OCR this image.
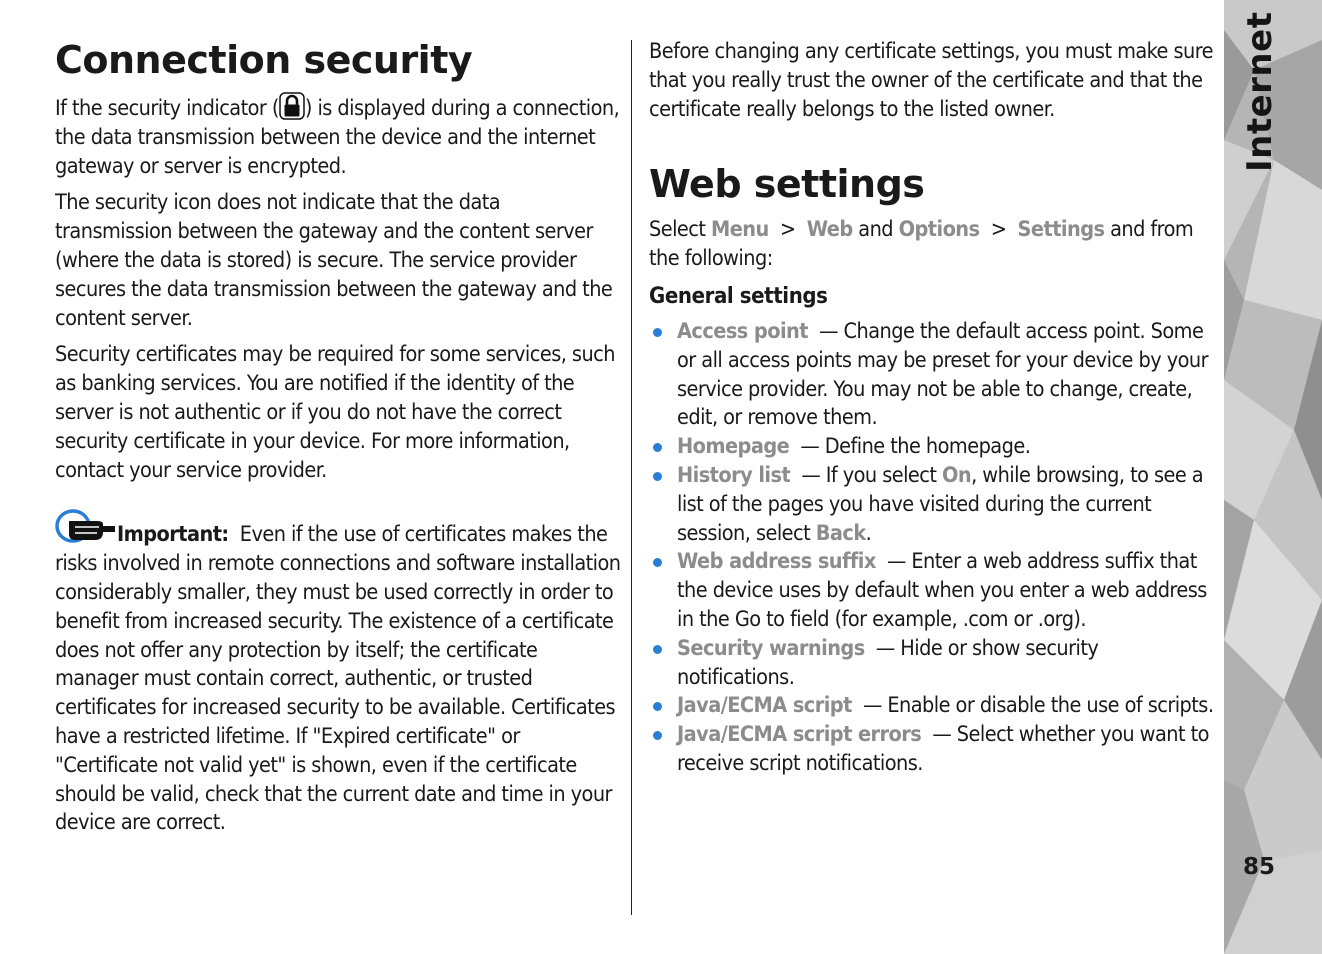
Connection security

If the security indicator ( ) is displayed during a connection, the data transmission between the device and the internet gateway or server is encrypted.

The security icon does not indicate that the data transmission between the gateway and the content server (where the data is stored) is secure. The service provider secures the data transmission between the gateway and the content server.

Security certificates may be required for some services, such as banking services. You are notified if the identity of the server is not authentic or if you do not have the correct security certificate in your device. For more information, contact your service provider.

Important: Even if the use of certificates makes the risks involved in remote connections and software installation considerably smaller, they must be used correctly in order to benefit from increased security. The existence of a certificate does not offer any protection by itself; the certificate manager must contain correct, authentic, or trusted certificates for increased security to be available. Certificates have a restricted lifetime. If "Expired certificate" or "Certificate not valid yet" is shown, even if the certificate should be valid, check that the current date and time in your device are correct.

Before changing any certificate settings, you must make sure that you really trust the owner of the certificate and that the certificate really belongs to the listed owner.

Web settings

Select Menu > Web and Options > Settings and from the following:

General settings
Access point — Change the default access point. Some or all access points may be preset for your device by your service provider. You may not be able to change, create, edit, or remove them.
Homepage — Define the homepage.
History list — If you select On, while browsing, to see a list of the pages you have visited during the current session, select Back.
Web address suffix — Enter a web address suffix that the device uses by default when you enter a web address in the Go to field (for example, .com or .org).
Security warnings — Hide or show security notifications.
Java/ECMA script — Enable or disable the use of scripts.
Java/ECMA script errors — Select whether you want to receive script notifications.
Internet
85
